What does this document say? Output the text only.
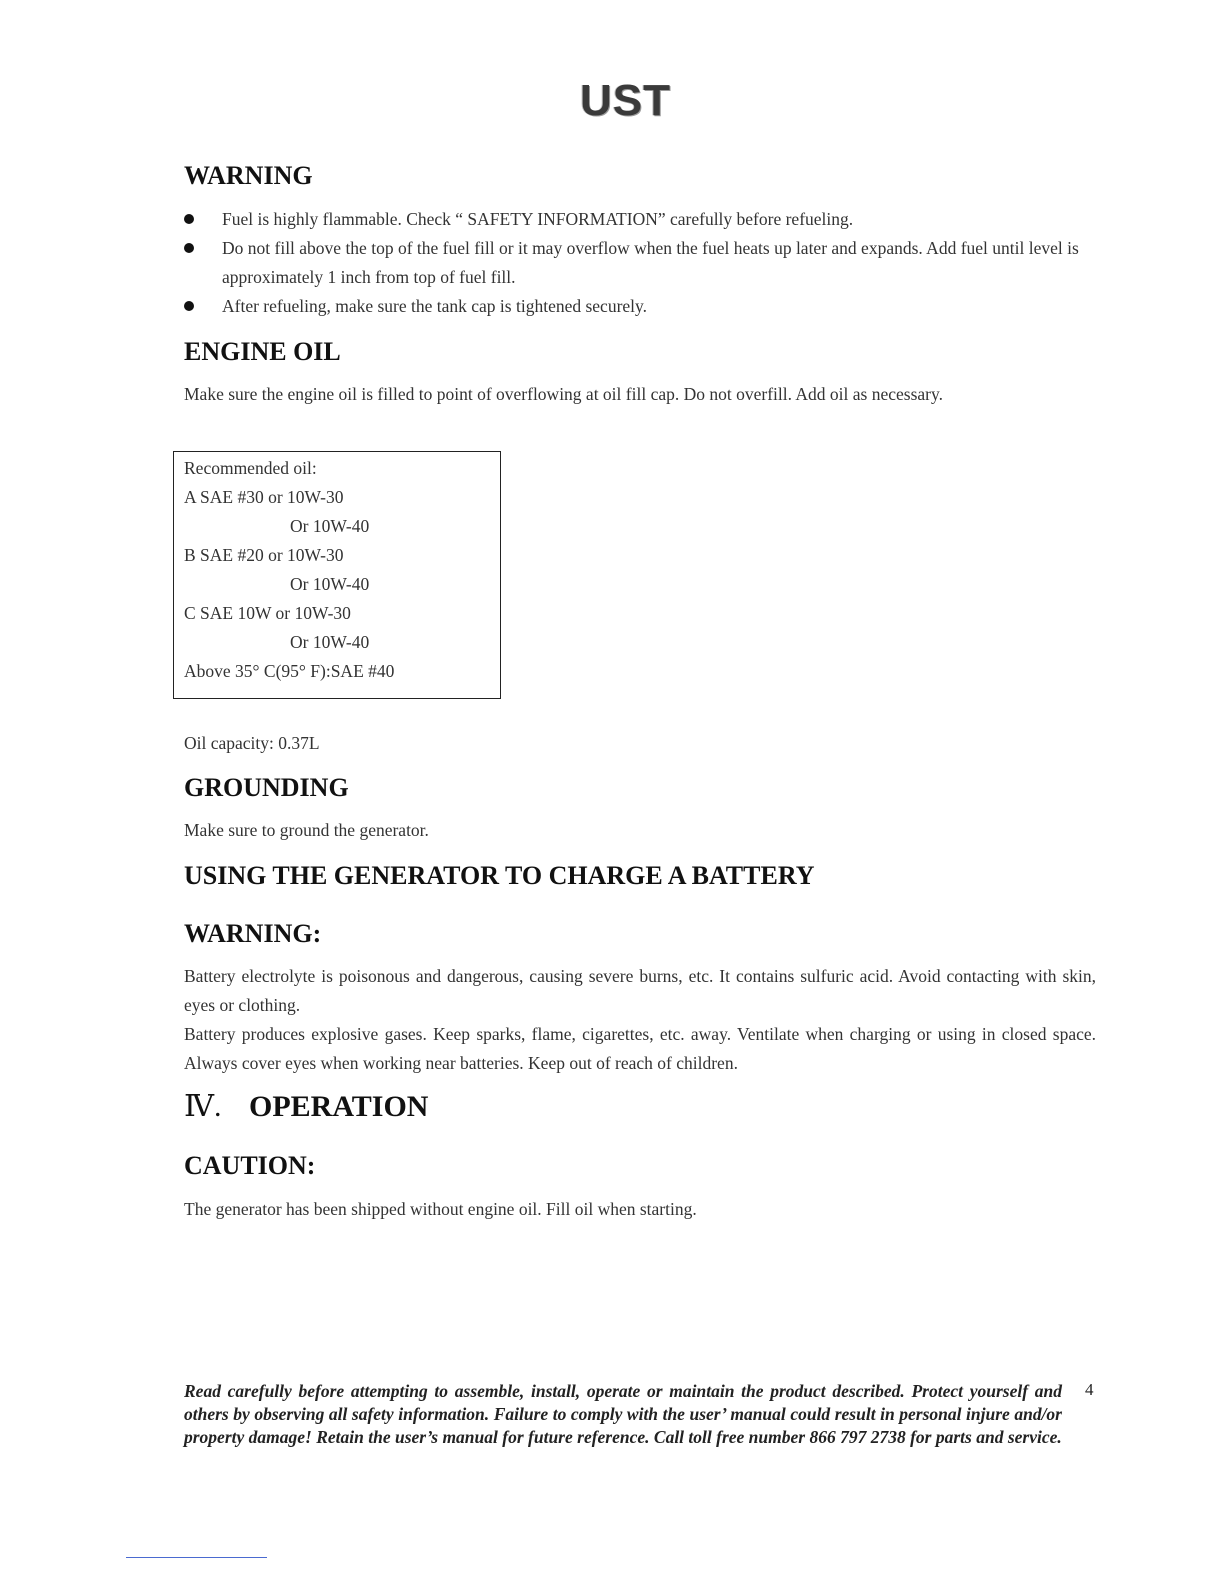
UST
WARNING
Fuel is highly flammable. Check “ SAFETY INFORMATION” carefully before refueling.
Do not fill above the top of the fuel fill or it may overflow when the fuel heats up later and expands. Add fuel until level is approximately 1 inch from top of fuel fill.
After refueling, make sure the tank cap is tightened securely.
ENGINE OIL
Make sure the engine oil is filled to point of overflowing at oil fill cap. Do not overfill. Add oil as necessary.
Recommended oil:
A SAE #30 or 10W-30
Or 10W-40
B SAE #20 or 10W-30
Or 10W-40
C SAE 10W or 10W-30
Or 10W-40
Above 35° C(95° F):SAE #40
Oil capacity: 0.37L
GROUNDING
Make sure to ground the generator.
USING THE GENERATOR TO CHARGE A BATTERY
WARNING:
Battery electrolyte is poisonous and dangerous, causing severe burns, etc. It contains sulfuric acid. Avoid contacting with skin, eyes or clothing.
Battery produces explosive gases. Keep sparks, flame, cigarettes, etc. away. Ventilate when charging or using in closed space. Always cover eyes when working near batteries. Keep out of reach of children.
Ⅳ. OPERATION
CAUTION:
The generator has been shipped without engine oil. Fill oil when starting.
Read carefully before attempting to assemble, install, operate or maintain the product described. Protect yourself and others by observing all safety information. Failure to comply with the user’ manual could result in personal injure and/or property damage! Retain the user’s manual for future reference. Call toll free number 866 797 2738 for parts and service.
4
